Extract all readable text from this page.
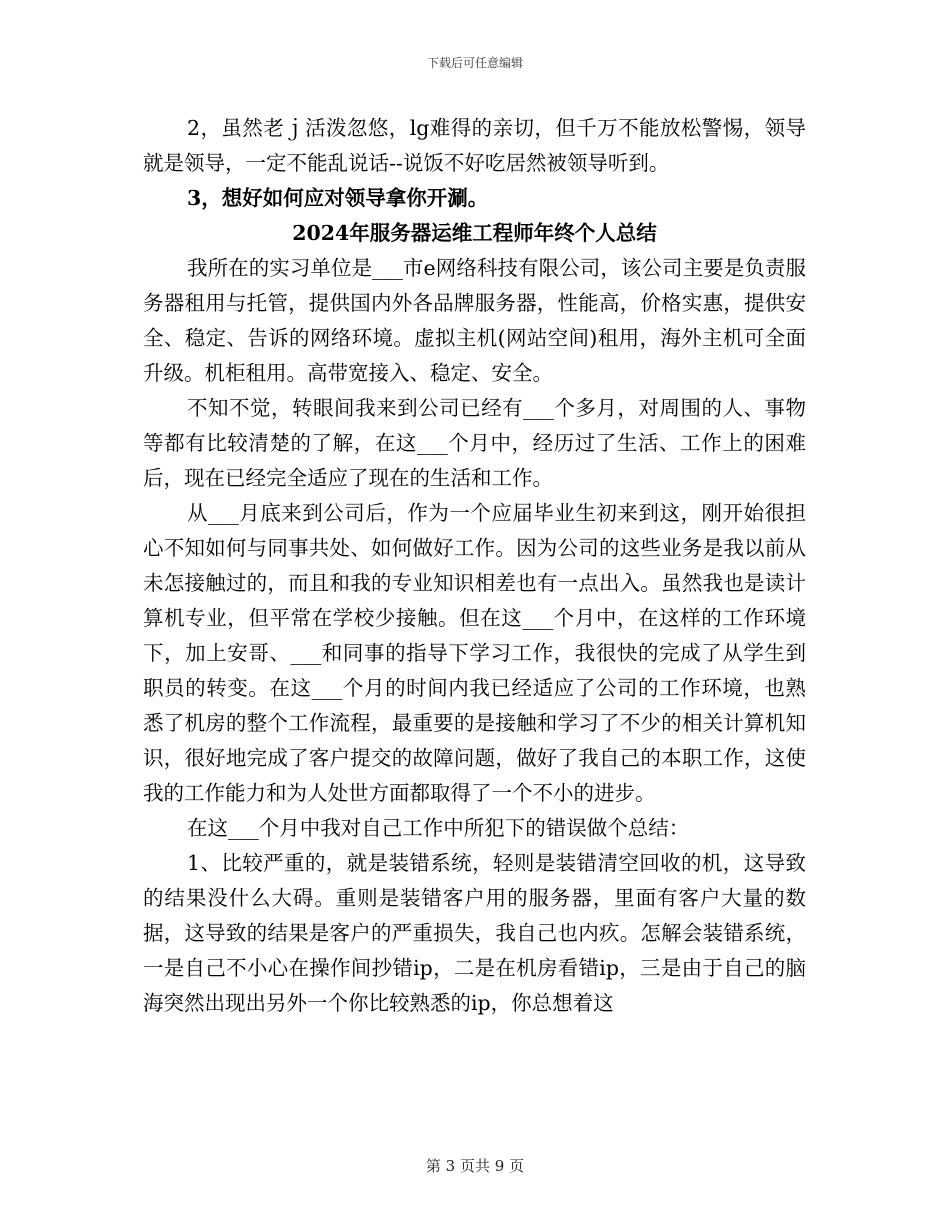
下载后可任意编辑

2，虽然老ｊ活泼忽悠，lg难得的亲切，但千万不能放松警惕，领导就是领导，一定不能乱说话--说饭不好吃居然被领导听到。

3，想好如何应对领导拿你开涮。

2024年服务器运维工程师年终个人总结

我所在的实习单位是___市e网络科技有限公司，该公司主要是负责服务器租用与托管，提供国内外各品牌服务器，性能高，价格实惠，提供安全、稳定、告诉的网络环境。虚拟主机(网站空间)租用，海外主机可全面升级。机柜租用。高带宽接入、稳定、安全。

不知不觉，转眼间我来到公司已经有___个多月，对周围的人、事物等都有比较清楚的了解，在这___个月中，经历过了生活、工作上的困难后，现在已经完全适应了现在的生活和工作。

从___月底来到公司后，作为一个应届毕业生初来到这，刚开始很担心不知如何与同事共处、如何做好工作。因为公司的这些业务是我以前从未怎接触过的，而且和我的专业知识相差也有一点出入。虽然我也是读计算机专业，但平常在学校少接触。但在这___个月中，在这样的工作环境下，加上安哥、___和同事的指导下学习工作，我很快的完成了从学生到职员的转变。在这___个月的时间内我已经适应了公司的工作环境，也熟悉了机房的整个工作流程，最重要的是接触和学习了不少的相关计算机知识，很好地完成了客户提交的故障问题，做好了我自己的本职工作，这使我的工作能力和为人处世方面都取得了一个不小的进步。

在这___个月中我对自己工作中所犯下的错误做个总结：

1、比较严重的，就是装错系统，轻则是装错清空回收的机，这导致的结果没什么大碍。重则是装错客户用的服务器，里面有客户大量的数据，这导致的结果是客户的严重损失，我自己也内疚。怎解会装错系统，一是自己不小心在操作间抄错ip，二是在机房看错ip，三是由于自己的脑海突然出现出另外一个你比较熟悉的ip，你总想着这

第 3 页共 9 页
